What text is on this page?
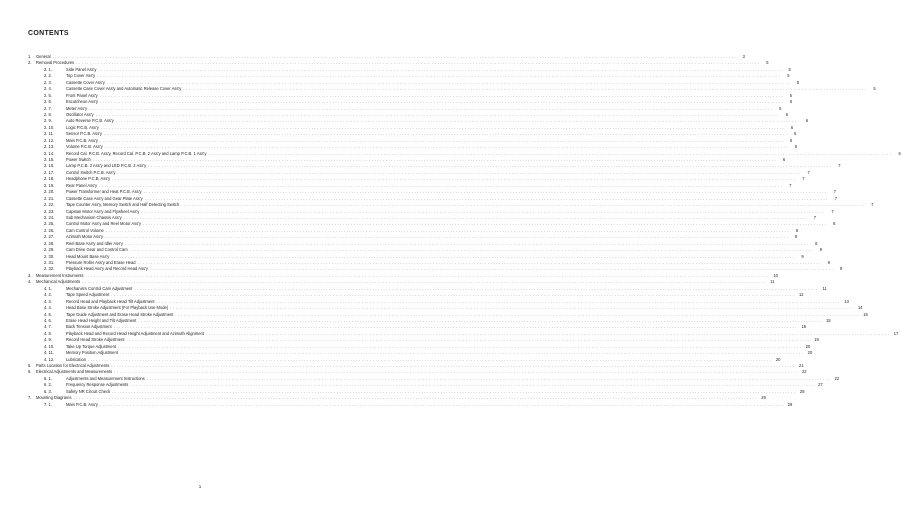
CONTENTS
1.	General .....	3
2.	Removal Procedures .....	5
2. 1.	Side Panel Ass'y .....	5
2. 2.	Top Cover Ass'y .....	5
2. 3.	Cassette Cover Ass'y .....	5
2. 4.	Cassette Case Cover Ass'y and Automatic Release Cover Ass'y .....	5
2. 5.	Front Panel Ass'y .....	5
2. 6.	Escutcheon Ass'y .....	6
2. 7.	Meter Ass'y .....	6
2. 8.	Oscillator Ass'y .....	6
2. 9.	Auto Reverse P.C.B. Ass'y .....	6
2. 10.	Logic P.C.B. Ass'y .....	6
2. 11.	Sensor P.C.B. Ass'y .....	6
2. 12.	Main P.C.B. Ass'y .....	6
2. 13.	Volume P.C.B. Ass'y .....	6
2. 14.	Record Cal. P.C.B. Ass'y, Record Cal. P.C.B. 2 Ass'y and Lamp P.C.B. 1 Ass'y .....	6
2. 15.	Power Switch .....	6
2. 16.	Lamp P.C.B. 2 Ass'y and LED P.C.B. 2 Ass'y .....	7
2. 17.	Control Switch P.C.B. Ass'y .....	7
2. 18.	Headphone P.C.B. Ass'y .....	7
2. 19.	Rear Panel Ass'y .....	7
2. 20.	Power Transformer and Heat P.C.B. Ass'y .....	7
2. 21.	Cassette Case Ass'y and Gear Plate Ass'y .....	7
2. 22.	Tape Counter Ass'y, Memory Switch and Half Detecting Switch .....	7
2. 23.	Capstan Motor Ass'y and Flywheel Ass'y .....	7
2. 24.	Sub Mechanism Chassis Ass'y .....	7
2. 25.	Control Motor Ass'y and Reel Motor Ass'y .....	8
2. 26.	Cam Control Volume .....	8
2. 27.	Azimuth Motor Ass'y .....	8
2. 28.	Reel Base Ass'y and Idler Ass'y .....	8
2. 29.	Cam Drive Gear and Control Cam .....	9
2. 30.	Head Mount Base Ass'y .....	9
2. 31.	Pressure Roller Ass'y and Erase Head .....	9
2. 32.	Playback Head Ass'y and Record Head Ass'y .....	9
3.	Measurement Instruments .....	10
4.	Mechanical Adjustments .....	11
4. 1.	Mechanism Control Cam Adjustment .....	11
4. 2.	Tape Speed Adjustment .....	12
4. 3.	Record Head and Playback Head Tilt Adjustment .....	13
4. 4.	Head Base Stroke Adjustment (For Playback Use Mode) .....	14
4. 5.	Tape Guide Adjustment and Erase Head Stroke Adjustment .....	15
4. 6.	Erase Head Height and Tilt Adjustment .....	15
4. 7.	Back Tension Adjustment .....	16
4. 8.	Playback Head and Record Head Height Adjustment and Azimuth Alignment .....	17
4. 9.	Record Head Stroke Adjustment .....	19
4. 10.	Take Up Torque Adjustment .....	20
4. 11.	Memory Position Adjustment .....	20
4. 12.	Lubrication .....	20
5.	Parts Location for Electrical Adjustments .....	21
6.	Electrical Adjustments and Measurements .....	22
6. 1.	Adjustments and Measurement Instructions .....	22
6. 2.	Frequency Response Adjustments .....	27
6. 3.	Safety NR Circuit Check .....	28
7.	Mounting Diagrams .....	29
7. 1.	Main P.C.B. Ass'y .....	29
1
